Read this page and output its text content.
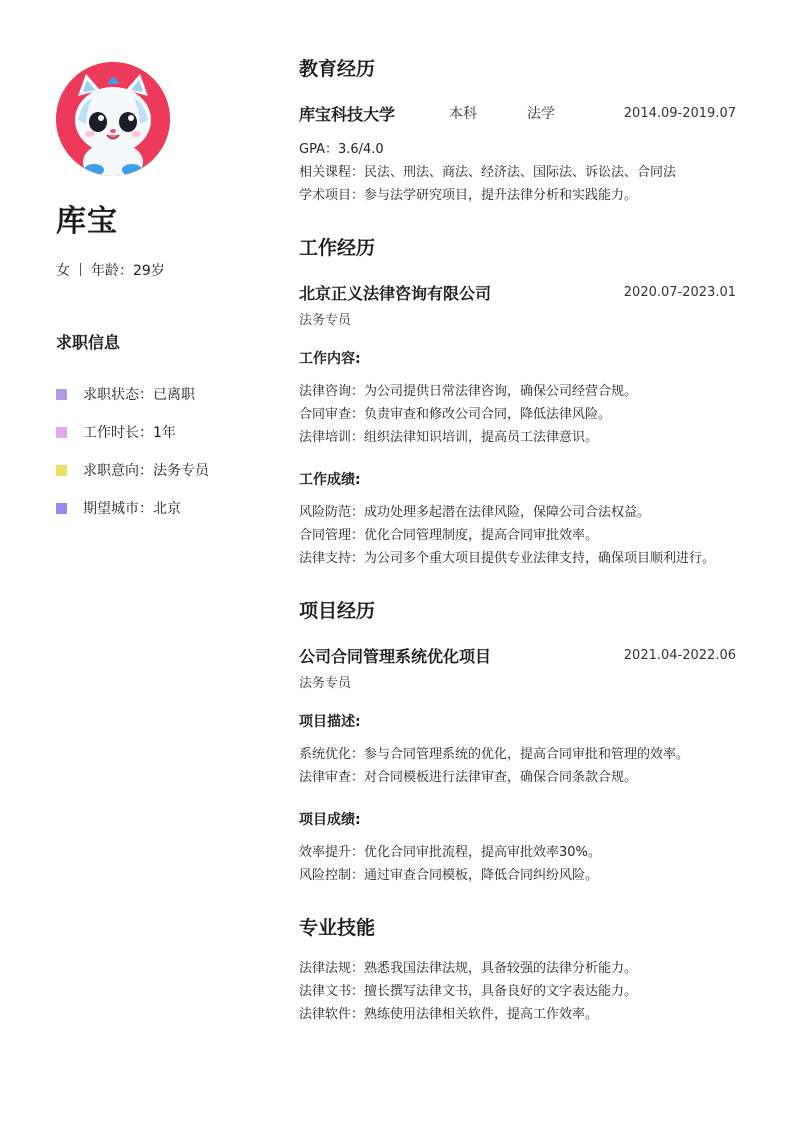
库宝
女 年龄：29岁
求职信息
求职状态：已离职
工作时长：1年
求职意向：法务专员
期望城市：北京
教育经历
库宝科技大学	本科	法学	2014.09-2019.07
GPA：3.6/4.0
相关课程：民法、刑法、商法、经济法、国际法、诉讼法、合同法
学术项目：参与法学研究项目，提升法律分析和实践能力。
工作经历
北京正义法律咨询有限公司	2020.07-2023.01
法务专员
工作内容:
法律咨询：为公司提供日常法律咨询，确保公司经营合规。
合同审查：负责审查和修改公司合同，降低法律风险。
法律培训：组织法律知识培训，提高员工法律意识。
工作成绩:
风险防范：成功处理多起潜在法律风险，保障公司合法权益。
合同管理：优化合同管理制度，提高合同审批效率。
法律支持：为公司多个重大项目提供专业法律支持，确保项目顺利进行。
项目经历
公司合同管理系统优化项目	2021.04-2022.06
法务专员
项目描述:
系统优化：参与合同管理系统的优化，提高合同审批和管理的效率。
法律审查：对合同模板进行法律审查，确保合同条款合规。
项目成绩:
效率提升：优化合同审批流程，提高审批效率30%。
风险控制：通过审查合同模板，降低合同纠纷风险。
专业技能
法律法规：熟悉我国法律法规，具备较强的法律分析能力。
法律文书：擅长撰写法律文书，具备良好的文字表达能力。
法律软件：熟练使用法律相关软件，提高工作效率。
